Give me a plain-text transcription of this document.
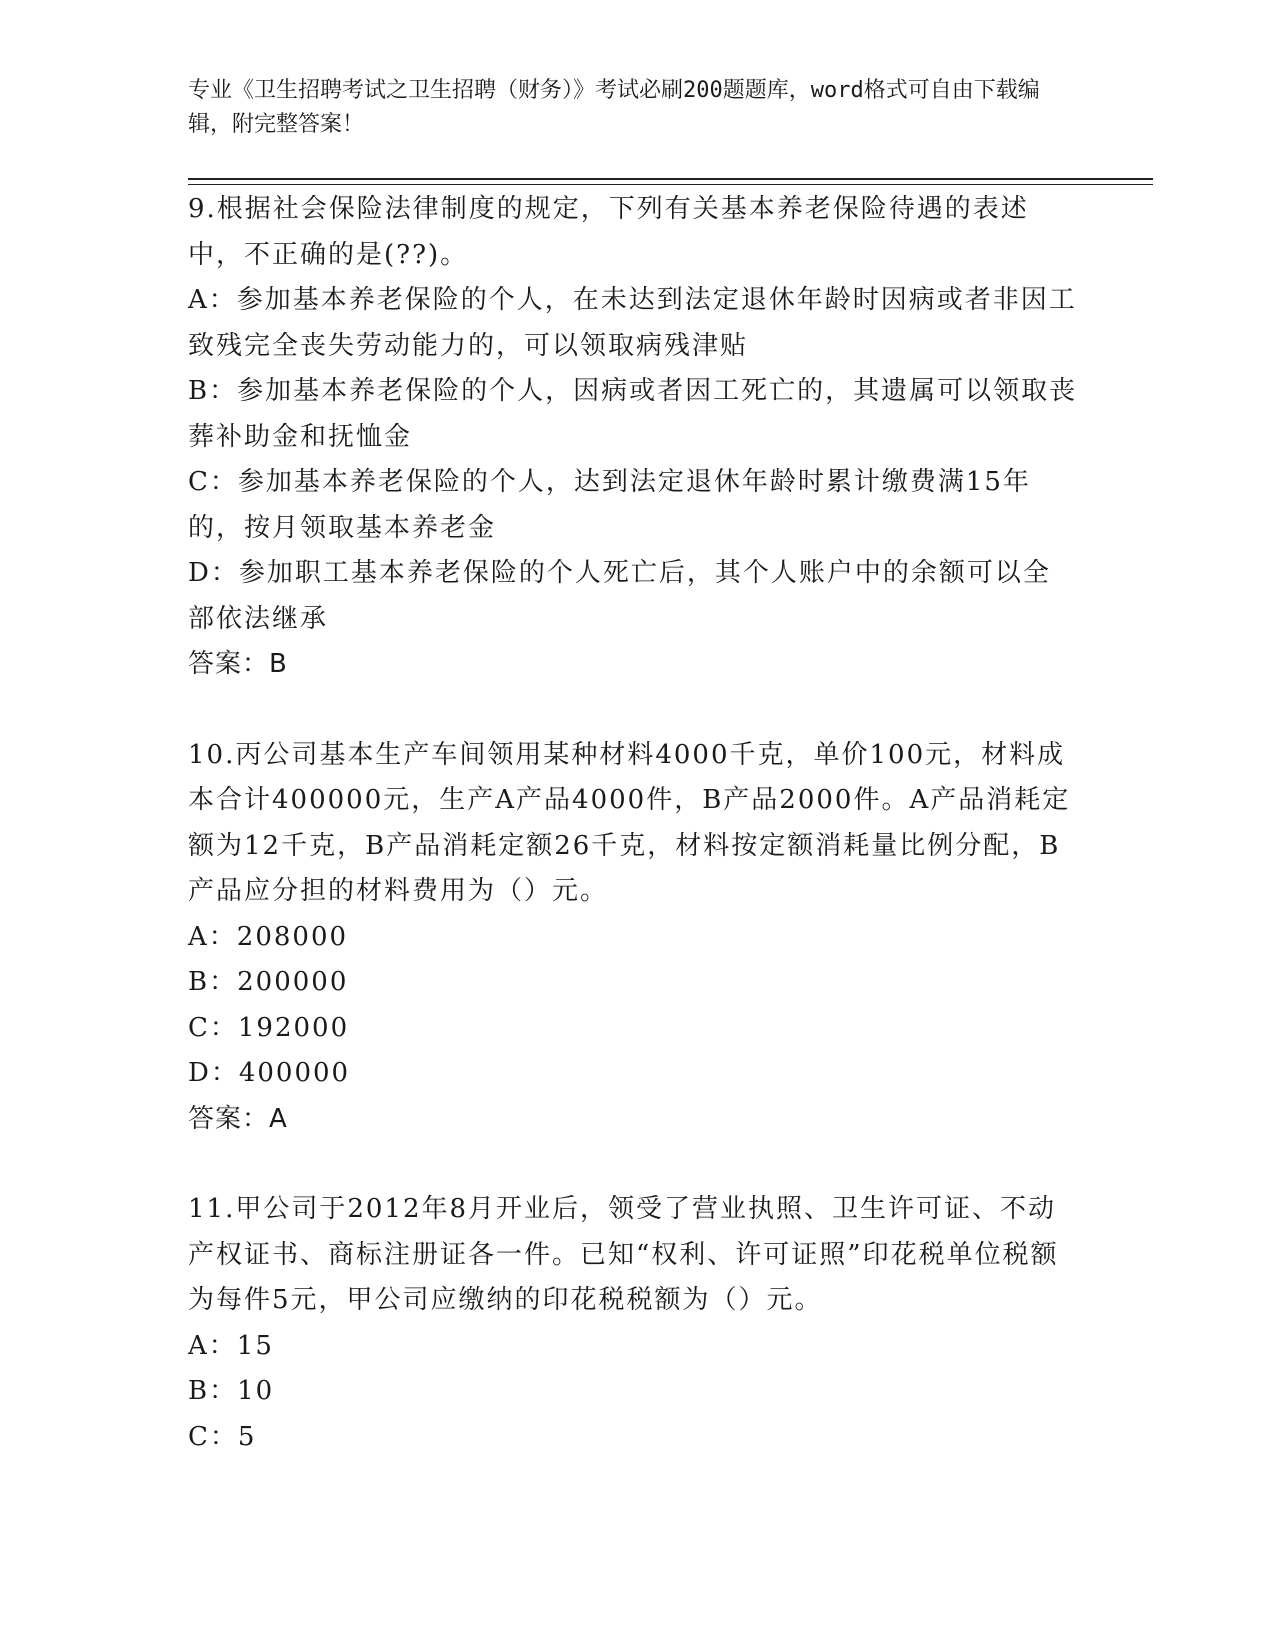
专业《卫生招聘考试之卫生招聘（财务）》考试必刷200题题库，word格式可自由下载编辑，附完整答案！

9.根据社会保险法律制度的规定，下列有关基本养老保险待遇的表述中，不正确的是(??)。

A：参加基本养老保险的个人，在未达到法定退休年龄时因病或者非因工致残完全丧失劳动能力的，可以领取病残津贴

B：参加基本养老保险的个人，因病或者因工死亡的，其遗属可以领取丧葬补助金和抚恤金

C：参加基本养老保险的个人，达到法定退休年龄时累计缴费满15年的，按月领取基本养老金

D：参加职工基本养老保险的个人死亡后，其个人账户中的余额可以全部依法继承

答案：B

10.丙公司基本生产车间领用某种材料4000千克，单价100元，材料成本合计400000元，生产A产品4000件，B产品2000件。A产品消耗定额为12千克，B产品消耗定额26千克，材料按定额消耗量比例分配，B产品应分担的材料费用为（）元。

A：208000

B：200000

C：192000

D：400000

答案：A

11.甲公司于2012年8月开业后，领受了营业执照、卫生许可证、不动产权证书、商标注册证各一件。已知“权利、许可证照”印花税单位税额为每件5元，甲公司应缴纳的印花税税额为（）元。

A：15

B：10

C：5
